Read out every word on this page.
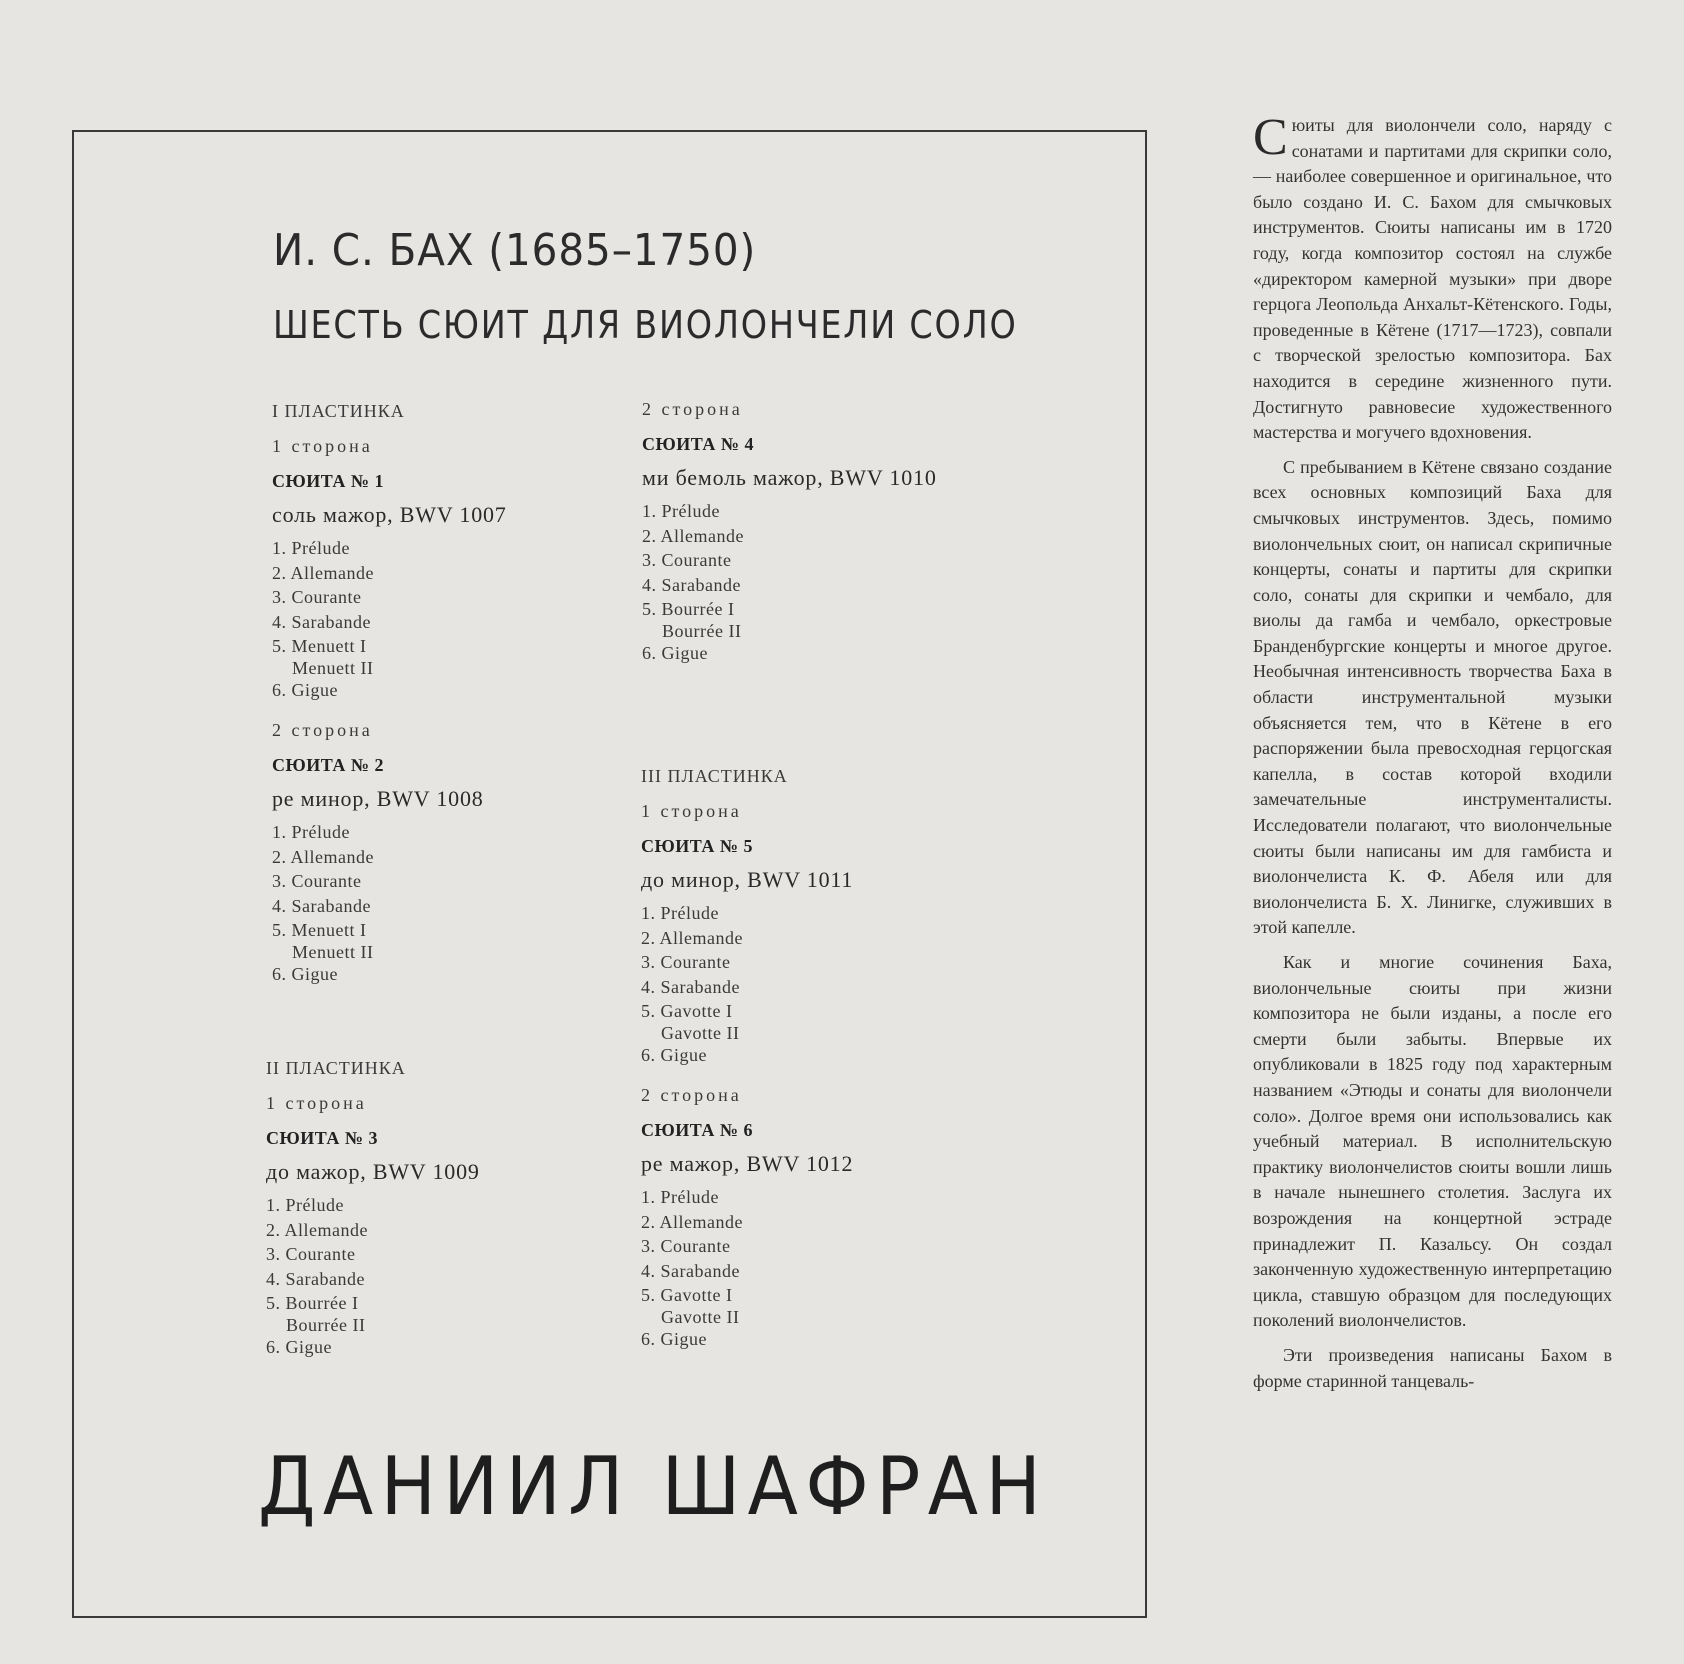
И. С. БАХ (1685–1750)
ШЕСТЬ СЮИТ ДЛЯ ВИОЛОНЧЕЛИ СОЛО
I ПЛАСТИНКА
1 сторона
СЮИТА № 1
соль мажор, BWV 1007
1. Prélude
2. Allemande
3. Courante
4. Sarabande
5. Menuett I
Menuett II
6. Gigue
2 сторона
СЮИТА № 2
ре минор, BWV 1008
1. Prélude
2. Allemande
3. Courante
4. Sarabande
5. Menuett I
Menuett II
6. Gigue
II ПЛАСТИНКА
1 сторона
СЮИТА № 3
до мажор, BWV 1009
1. Prélude
2. Allemande
3. Courante
4. Sarabande
5. Bourrée I
Bourrée II
6. Gigue
2 сторона
СЮИТА № 4
ми бемоль мажор, BWV 1010
1. Prélude
2. Allemande
3. Courante
4. Sarabande
5. Bourrée I
Bourrée II
6. Gigue
III ПЛАСТИНКА
1 сторона
СЮИТА № 5
до минор, BWV 1011
1. Prélude
2. Allemande
3. Courante
4. Sarabande
5. Gavotte I
Gavotte II
6. Gigue
2 сторона
СЮИТА № 6
ре мажор, BWV 1012
1. Prélude
2. Allemande
3. Courante
4. Sarabande
5. Gavotte I
Gavotte II
6. Gigue
ДАНИИЛ ШАФРАН

Сюиты для виолончели соло, наряду с сонатами и партитами для скрипки соло, — наиболее совершенное и оригинальное, что было создано И. С. Бахом для смычковых инструментов. Сюиты написаны им в 1720 году, когда композитор состоял на службе «директором камерной музыки» при дворе герцога Леопольда Анхальт-Кётенского. Годы, проведенные в Кётене (1717—1723), совпали с творческой зрелостью композитора. Бах находится в середине жизненного пути. Достигнуто равновесие художественного мастерства и могучего вдохновения.

С пребыванием в Кётене связано создание всех основных композиций Баха для смычковых инструментов. Здесь, помимо виолончельных сюит, он написал скрипичные концерты, сонаты и партиты для скрипки соло, сонаты для скрипки и чембало, для виолы да гамба и чембало, оркестровые Бранденбургские концерты и многое другое. Необычная интенсивность творчества Баха в области инструментальной музыки объясняется тем, что в Кётене в его распоряжении была превосходная герцогская капелла, в состав которой входили замечательные инструменталисты. Исследователи полагают, что виолончельные сюиты были написаны им для гамбиста и виолончелиста К. Ф. Абеля или для виолончелиста Б. Х. Линигке, служивших в этой капелле.

Как и многие сочинения Баха, виолончельные сюиты при жизни композитора не были изданы, а после его смерти были забыты. Впервые их опубликовали в 1825 году под характерным названием «Этюды и сонаты для виолончели соло». Долгое время они использовались как учебный материал. В исполнительскую практику виолончелистов сюиты вошли лишь в начале нынешнего столетия. Заслуга их возрождения на концертной эстраде принадлежит П. Казальсу. Он создал законченную художественную интерпретацию цикла, ставшую образцом для последующих поколений виолончелистов.

Эти произведения написаны Бахом в форме старинной танцеваль-
